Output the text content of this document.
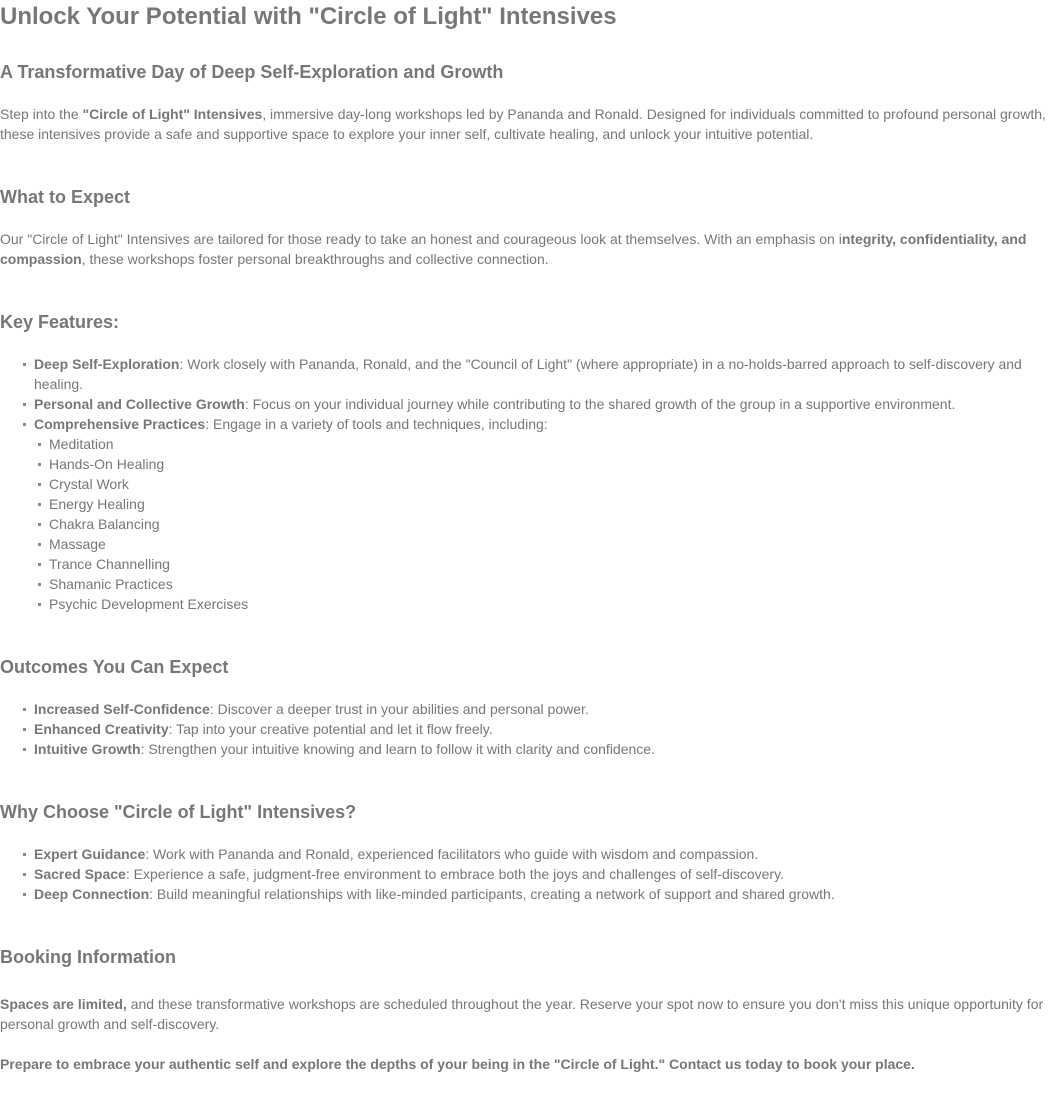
Unlock Your Potential with "Circle of Light" Intensives
A Transformative Day of Deep Self-Exploration and Growth

Step into the "Circle of Light" Intensives, immersive day-long workshops led by Pananda and Ronald. Designed for individuals committed to profound personal growth, these intensives provide a safe and supportive space to explore your inner self, cultivate healing, and unlock your intuitive potential.

What to Expect

Our "Circle of Light" Intensives are tailored for those ready to take an honest and courageous look at themselves. With an emphasis on integrity, confidentiality, and compassion, these workshops foster personal breakthroughs and collective connection.

Key Features:
Deep Self-Exploration: Work closely with Pananda, Ronald, and the "Council of Light" (where appropriate) in a no-holds-barred approach to self-discovery and healing.
Personal and Collective Growth: Focus on your individual journey while contributing to the shared growth of the group in a supportive environment.
Comprehensive Practices: Engage in a variety of tools and techniques, including:
Meditation
Hands-On Healing
Crystal Work
Energy Healing
Chakra Balancing
Massage
Trance Channelling
Shamanic Practices
Psychic Development Exercises
Outcomes You Can Expect
Increased Self-Confidence: Discover a deeper trust in your abilities and personal power.
Enhanced Creativity: Tap into your creative potential and let it flow freely.
Intuitive Growth: Strengthen your intuitive knowing and learn to follow it with clarity and confidence.
Why Choose "Circle of Light" Intensives?
Expert Guidance: Work with Pananda and Ronald, experienced facilitators who guide with wisdom and compassion.
Sacred Space: Experience a safe, judgment-free environment to embrace both the joys and challenges of self-discovery.
Deep Connection: Build meaningful relationships with like-minded participants, creating a network of support and shared growth.
Booking Information

Spaces are limited, and these transformative workshops are scheduled throughout the year. Reserve your spot now to ensure you don't miss this unique opportunity for personal growth and self-discovery.

Prepare to embrace your authentic self and explore the depths of your being in the "Circle of Light." Contact us today to book your place.
